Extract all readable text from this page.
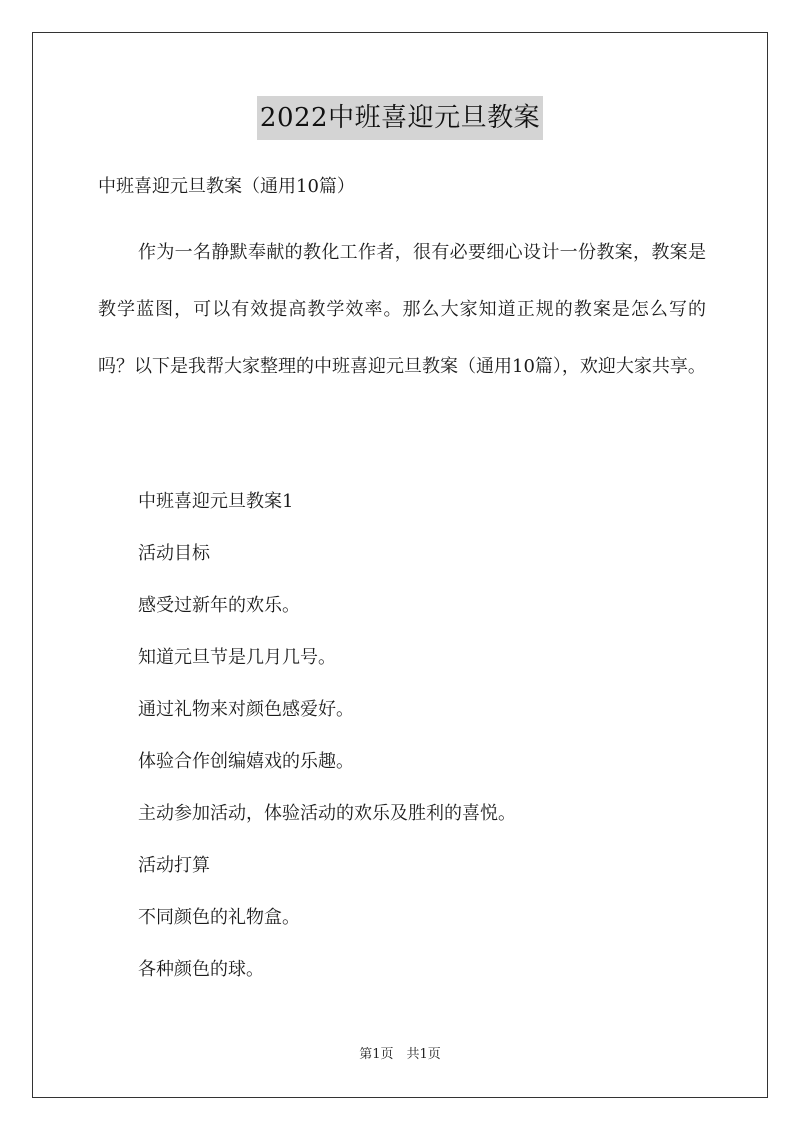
2022中班喜迎元旦教案
中班喜迎元旦教案（通用10篇）
作为一名静默奉献的教化工作者，很有必要细心设计一份教案，教案是教学蓝图，可以有效提高教学效率。那么大家知道正规的教案是怎么写的吗？以下是我帮大家整理的中班喜迎元旦教案（通用10篇），欢迎大家共享。
中班喜迎元旦教案1
活动目标
感受过新年的欢乐。
知道元旦节是几月几号。
通过礼物来对颜色感爱好。
体验合作创编嬉戏的乐趣。
主动参加活动，体验活动的欢乐及胜利的喜悦。
活动打算
不同颜色的礼物盒。
各种颜色的球。
第1页　共1页
